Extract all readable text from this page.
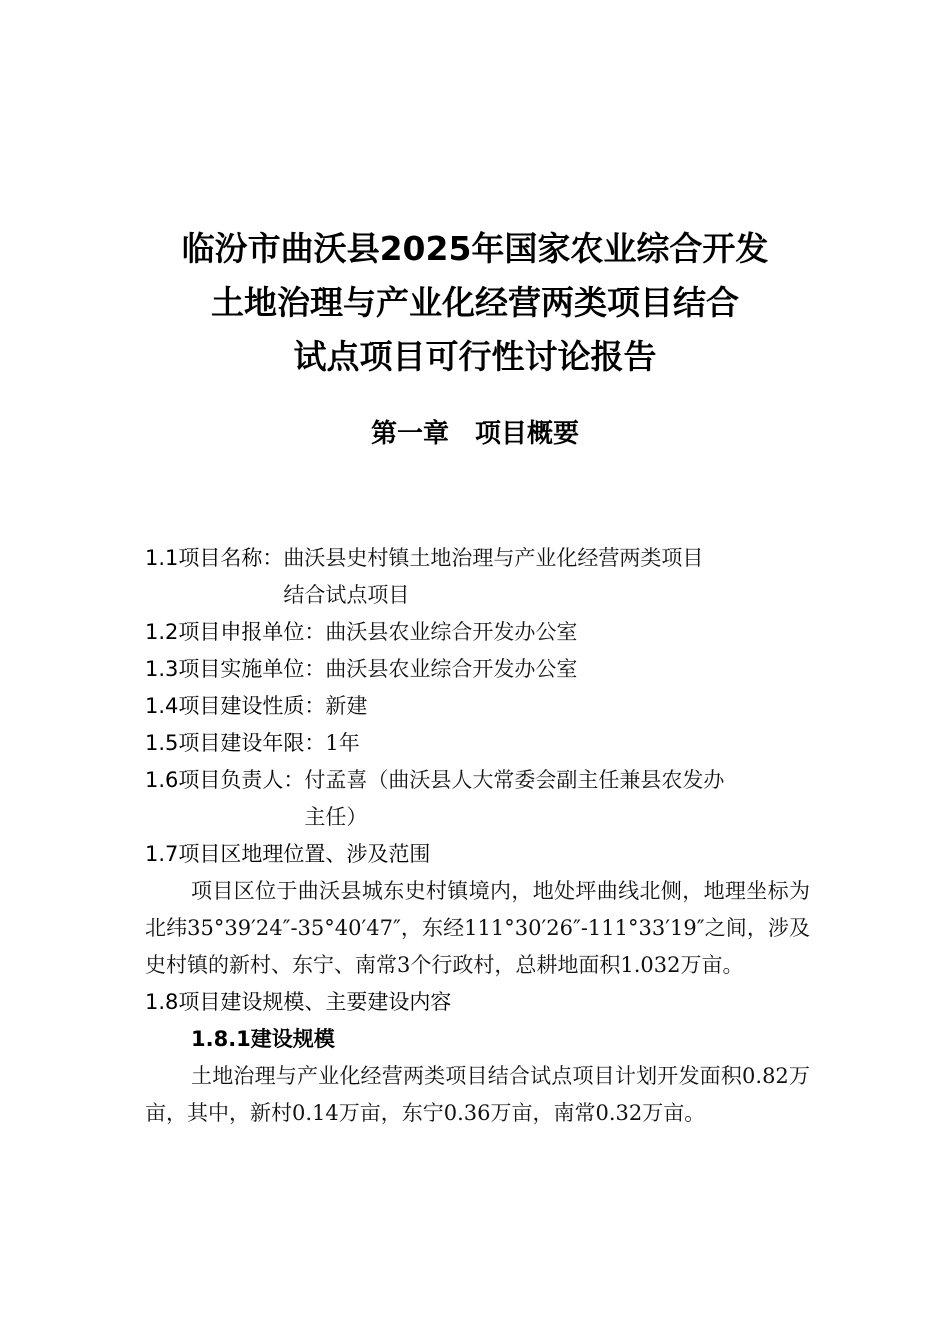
临汾市曲沃县2025年国家农业综合开发
土地治理与产业化经营两类项目结合
试点项目可行性讨论报告
第一章　项目概要
1.1项目名称： 曲沃县史村镇土地治理与产业化经营两类项目
结合试点项目
1.2项目申报单位： 曲沃县农业综合开发办公室
1.3项目实施单位： 曲沃县农业综合开发办公室
1.4项目建设性质： 新建
1.5项目建设年限： 1年
1.6项目负责人： 付孟喜（曲沃县人大常委会副主任兼县农发办
主任）
1.7项目区地理位置、涉及范围
项目区位于曲沃县城东史村镇境内，地处坪曲线北侧，地理坐标为北纬35°39′24″-35°40′47″，东经111°30′26″-111°33′19″之间，涉及史村镇的新村、东宁、南常3个行政村，总耕地面积1.032万亩。
1.8项目建设规模、主要建设内容
1.8.1建设规模
土地治理与产业化经营两类项目结合试点项目计划开发面积0.82万亩，其中，新村0.14万亩，东宁0.36万亩，南常0.32万亩。
